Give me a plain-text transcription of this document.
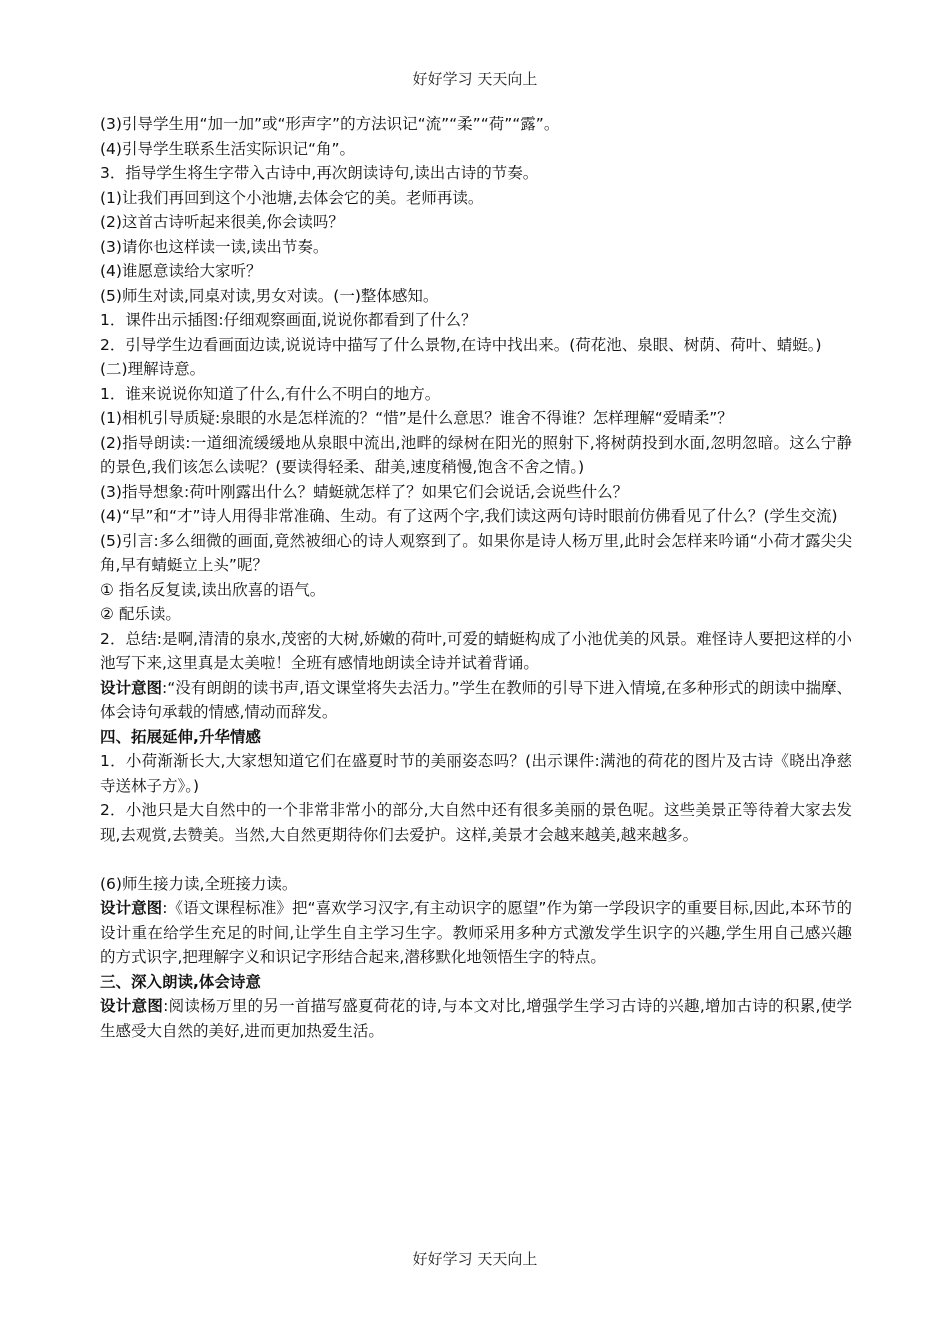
好好学习 天天向上

(3)引导学生用“加一加”或“形声字”的方法识记“流”“柔”“荷”“露”。

(4)引导学生联系生活实际识记“角”。

3．指导学生将生字带入古诗中,再次朗读诗句,读出古诗的节奏。

(1)让我们再回到这个小池塘,去体会它的美。老师再读。

(2)这首古诗听起来很美,你会读吗？

(3)请你也这样读一读,读出节奏。

(4)谁愿意读给大家听？

(5)师生对读,同桌对读,男女对读。(一)整体感知。

1．课件出示插图:仔细观察画面,说说你都看到了什么？

2．引导学生边看画面边读,说说诗中描写了什么景物,在诗中找出来。(荷花池、泉眼、树荫、荷叶、蜻蜓。)

(二)理解诗意。

1．谁来说说你知道了什么,有什么不明白的地方。

(1)相机引导质疑:泉眼的水是怎样流的？“惜”是什么意思？谁舍不得谁？怎样理解“爱晴柔”？

(2)指导朗读:一道细流缓缓地从泉眼中流出,池畔的绿树在阳光的照射下,将树荫投到水面,忽明忽暗。这么宁静的景色,我们该怎么读呢？(要读得轻柔、甜美,速度稍慢,饱含不舍之情。)

(3)指导想象:荷叶刚露出什么？蜻蜓就怎样了？如果它们会说话,会说些什么？

(4)“早”和“才”诗人用得非常准确、生动。有了这两个字,我们读这两句诗时眼前仿佛看见了什么？(学生交流)

(5)引言:多么细微的画面,竟然被细心的诗人观察到了。如果你是诗人杨万里,此时会怎样来吟诵“小荷才露尖尖角,早有蜻蜓立上头”呢？

① 指名反复读,读出欣喜的语气。

② 配乐读。

2．总结:是啊,清清的泉水,茂密的大树,娇嫩的荷叶,可爱的蜻蜓构成了小池优美的风景。难怪诗人要把这样的小池写下来,这里真是太美啦！全班有感情地朗读全诗并试着背诵。

设计意图:“没有朗朗的读书声,语文课堂将失去活力。”学生在教师的引导下进入情境,在多种形式的朗读中揣摩、体会诗句承载的情感,情动而辞发。

四、拓展延伸,升华情感

1．小荷渐渐长大,大家想知道它们在盛夏时节的美丽姿态吗？(出示课件:满池的荷花的图片及古诗《晓出净慈寺送林子方》。)

2．小池只是大自然中的一个非常非常小的部分,大自然中还有很多美丽的景色呢。这些美景正等待着大家去发现,去观赏,去赞美。当然,大自然更期待你们去爱护。这样,美景才会越来越美,越来越多。

(6)师生接力读,全班接力读。

设计意图:《语文课程标准》把“喜欢学习汉字,有主动识字的愿望”作为第一学段识字的重要目标,因此,本环节的设计重在给学生充足的时间,让学生自主学习生字。教师采用多种方式激发学生识字的兴趣,学生用自己感兴趣的方式识字,把理解字义和识记字形结合起来,潜移默化地领悟生字的特点。

三、深入朗读,体会诗意

设计意图:阅读杨万里的另一首描写盛夏荷花的诗,与本文对比,增强学生学习古诗的兴趣,增加古诗的积累,使学生感受大自然的美好,进而更加热爱生活。

好好学习 天天向上
